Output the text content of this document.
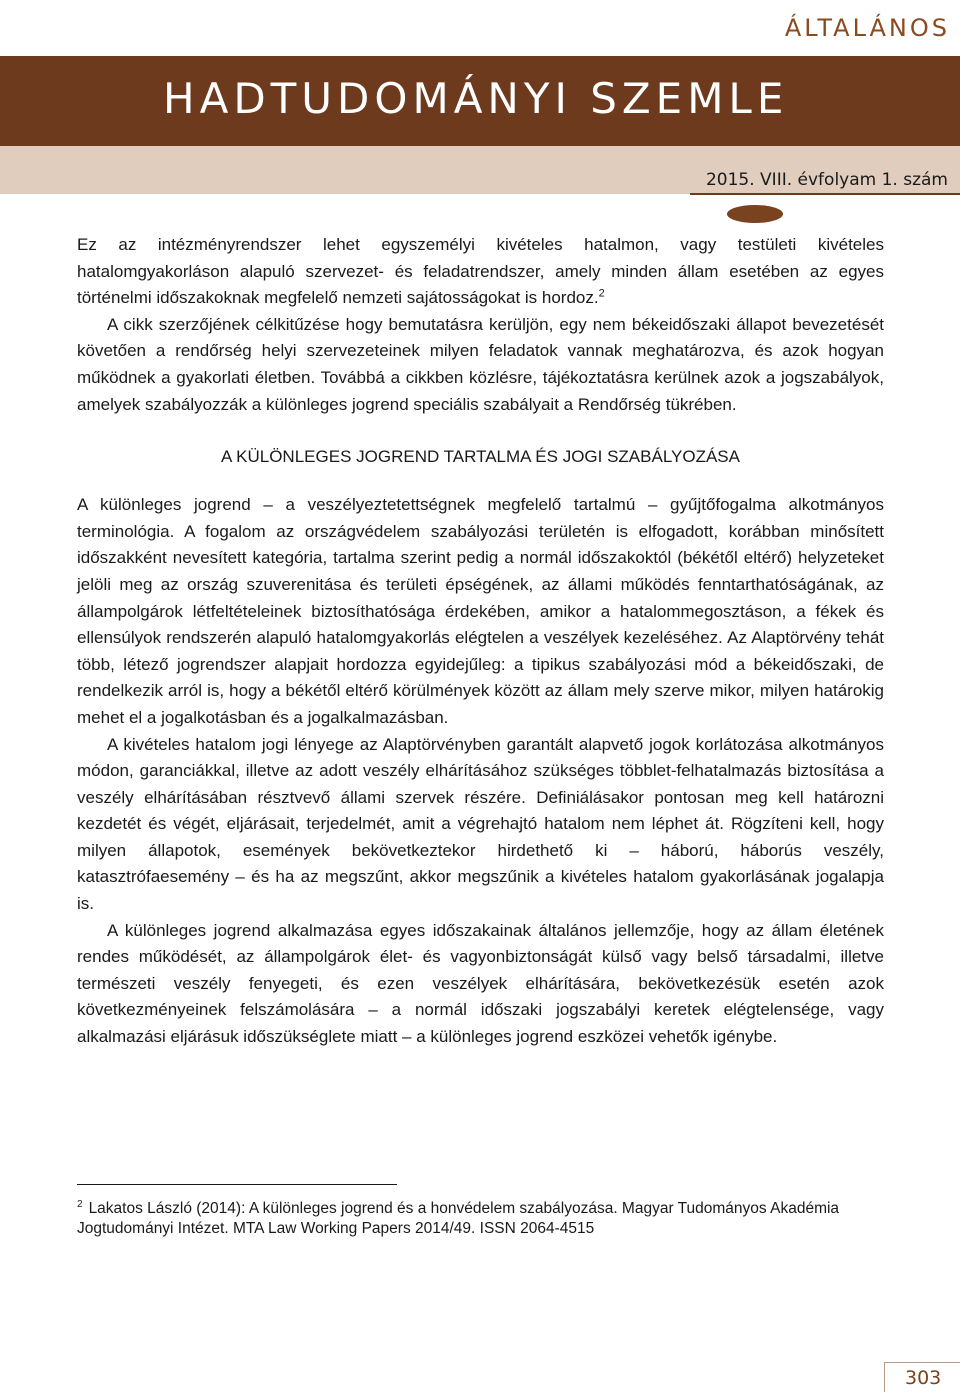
ÁLTALÁNOS
HADTUDOMÁNYI SZEMLE
2015. VIII. évfolyam 1. szám

Ez az intézményrendszer lehet egyszemélyi kivételes hatalmon, vagy testületi kivételes hatalomgyakorláson alapuló szervezet- és feladatrendszer, amely minden állam esetében az egyes történelmi időszakoknak megfelelő nemzeti sajátosságokat is hordoz.$^2$

A cikk szerzőjének célkitűzése hogy bemutatásra kerüljön, egy nem békeidőszaki állapot bevezetését követően a rendőrség helyi szervezeteinek milyen feladatok vannak meghatározva, és azok hogyan működnek a gyakorlati életben. Továbbá a cikkben közlésre, tájékoztatásra kerülnek azok a jogszabályok, amelyek szabályozzák a különleges jogrend speciális szabályait a Rendőrség tükrében.

A KÜLÖNLEGES JOGREND TARTALMA ÉS JOGI SZABÁLYOZÁSA

A különleges jogrend – a veszélyeztetettségnek megfelelő tartalmú – gyűjtőfogalma alkotmányos terminológia. A fogalom az országvédelem szabályozási területén is elfogadott, korábban minősített időszakként nevesített kategória, tartalma szerint pedig a normál időszakoktól (békétől eltérő) helyzeteket jelöli meg az ország szuverenitása és területi épségének, az állami működés fenntarthatóságának, az állampolgárok létfeltételeinek biztosíthatósága érdekében, amikor a hatalommegosztáson, a fékek és ellensúlyok rendszerén alapuló hatalomgyakorlás elégtelen a veszélyek kezeléséhez. Az Alaptörvény tehát több, létező jogrendszer alapjait hordozza egyidejűleg: a tipikus szabályozási mód a békeidőszaki, de rendelkezik arról is, hogy a békétől eltérő körülmények között az állam mely szerve mikor, milyen határokig mehet el a jogalkotásban és a jogalkalmazásban.

A kivételes hatalom jogi lényege az Alaptörvényben garantált alapvető jogok korlátozása alkotmányos módon, garanciákkal, illetve az adott veszély elhárításához szükséges többlet-felhatalmazás biztosítása a veszély elhárításában résztvevő állami szervek részére. Definiálásakor pontosan meg kell határozni kezdetét és végét, eljárásait, terjedelmét, amit a végrehajtó hatalom nem léphet át. Rögzíteni kell, hogy milyen állapotok, események bekövetkeztekor hirdethető ki – háború, háborús veszély, katasztrófaesemény – és ha az megszűnt, akkor megszűnik a kivételes hatalom gyakorlásának jogalapja is.

A különleges jogrend alkalmazása egyes időszakainak általános jellemzője, hogy az állam életének rendes működését, az állampolgárok élet- és vagyonbiztonságát külső vagy belső társadalmi, illetve természeti veszély fenyegeti, és ezen veszélyek elhárítására, bekövetkezésük esetén azok következményeinek felszámolására – a normál időszaki jogszabályi keretek elégtelensége, vagy alkalmazási eljárásuk időszükséglete miatt – a különleges jogrend eszközei vehetők igénybe.

$^2$ Lakatos László (2014): A különleges jogrend és a honvédelem szabályozása. Magyar Tudományos Akadémia Jogtudományi Intézet. MTA Law Working Papers 2014/49. ISSN 2064-4515
303
